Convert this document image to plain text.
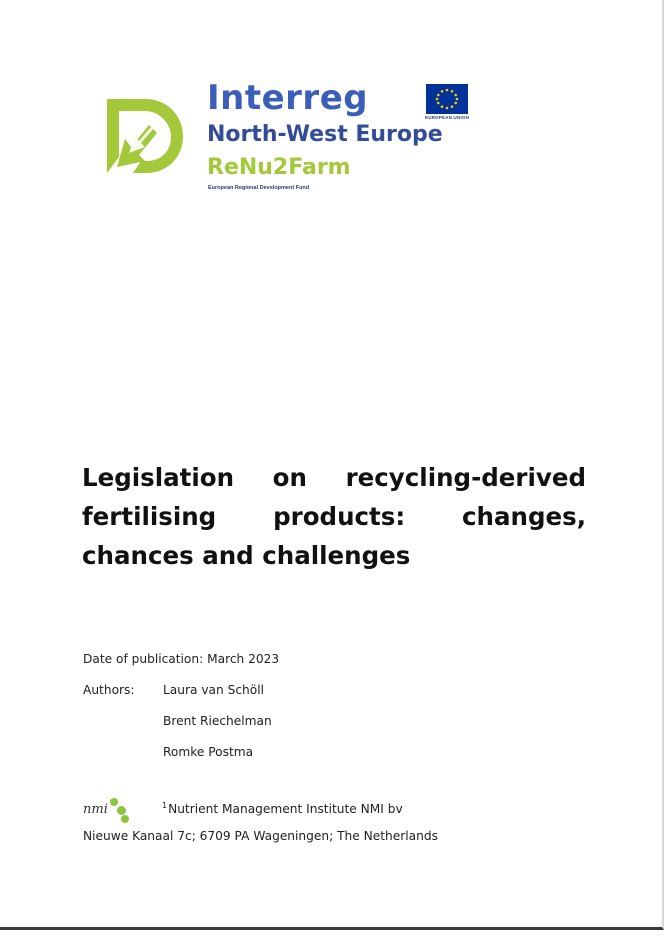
Interreg	EUROPEAN UNION
North-West Europe
ReNu2Farm
European Regional Development Fund
Legislation on recycling-derived fertilising products: changes, chances and challenges
Date of publication: March 2023
Authors: Laura van Schöll
Brent Riechelman
Romke Postma
nmi	$^1$Nutrient Management Institute NMI bv
Nieuwe Kanaal 7c; 6709 PA Wageningen; The Netherlands
